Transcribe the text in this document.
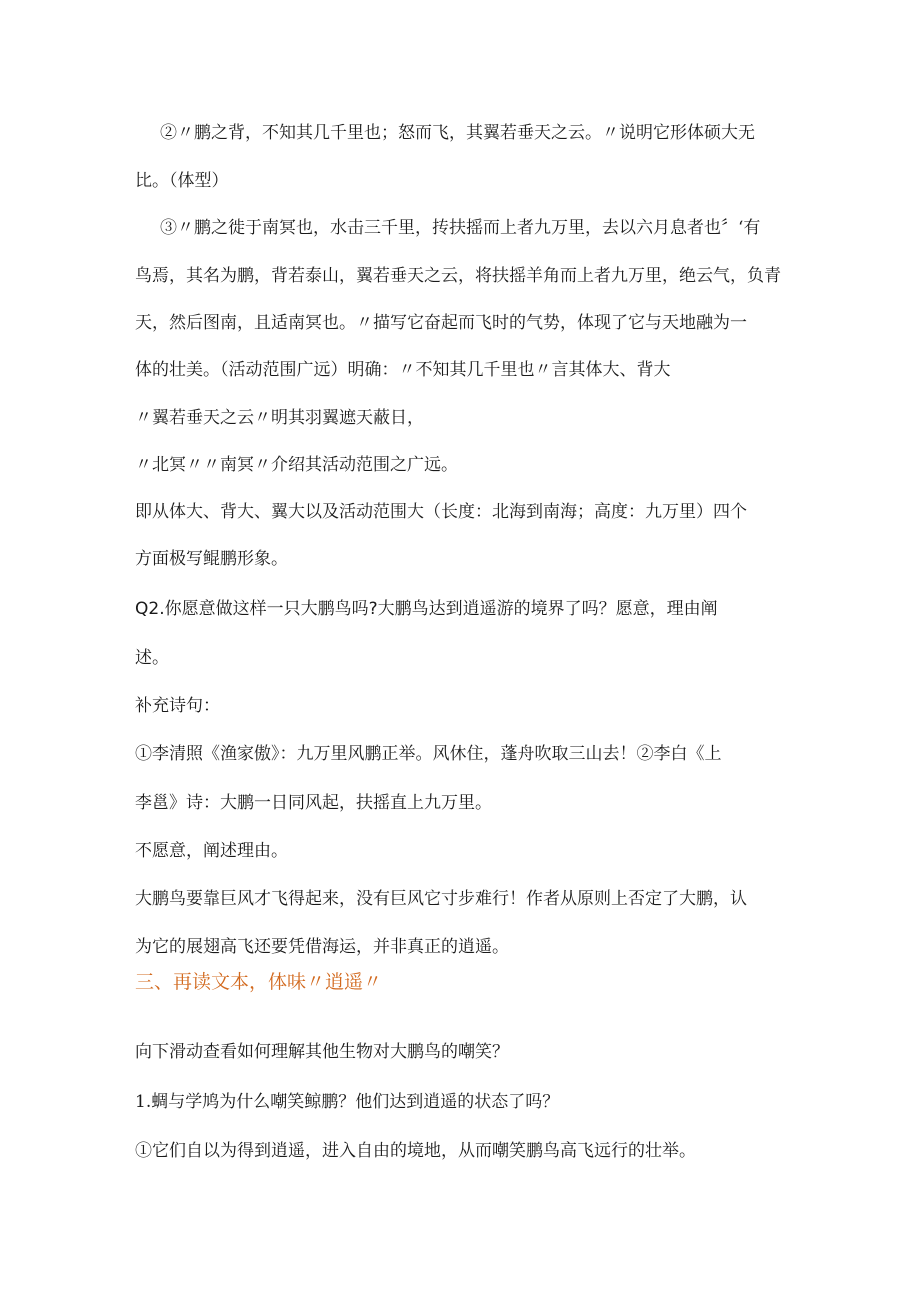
②〃鹏之背，不知其几千里也；怒而飞，其翼若垂天之云。〃说明它形体硕大无
比。（体型）
③〃鹏之徙于南冥也，水击三千里，抟扶摇而上者九万里，去以六月息者也〞‘有
鸟焉，其名为鹏，背若泰山，翼若垂天之云，将扶摇羊角而上者九万里，绝云气，负青
天，然后图南，且适南冥也。〃描写它奋起而飞时的气势，体现了它与天地融为一
体的壮美。（活动范围广远）明确：〃不知其几千里也〃言其体大、背大
〃翼若垂天之云〃明其羽翼遮天蔽日，
〃北冥〃〃南冥〃介绍其活动范围之广远。
即从体大、背大、翼大以及活动范围大（长度：北海到南海；高度：九万里）四个
方面极写鲲鹏形象。
Q2.你愿意做这样一只大鹏鸟吗?大鹏鸟达到逍遥游的境界了吗？愿意，理由阐
述。
补充诗句：
①李清照《渔家傲》：九万里风鹏正举。风休住，蓬舟吹取三山去！②李白《上
李邕》诗：大鹏一日同风起，扶摇直上九万里。
不愿意，阐述理由。
大鹏鸟要靠巨风才飞得起来，没有巨风它寸步难行！作者从原则上否定了大鹏，认
为它的展翅高飞还要凭借海运，并非真正的逍遥。
三、再读文本，体味〃逍遥〃
向下滑动查看如何理解其他生物对大鹏鸟的嘲笑？
1.蜩与学鸠为什么嘲笑鲸鹏？他们达到逍遥的状态了吗？
①它们自以为得到逍遥，进入自由的境地，从而嘲笑鹏鸟高飞远行的壮举。
